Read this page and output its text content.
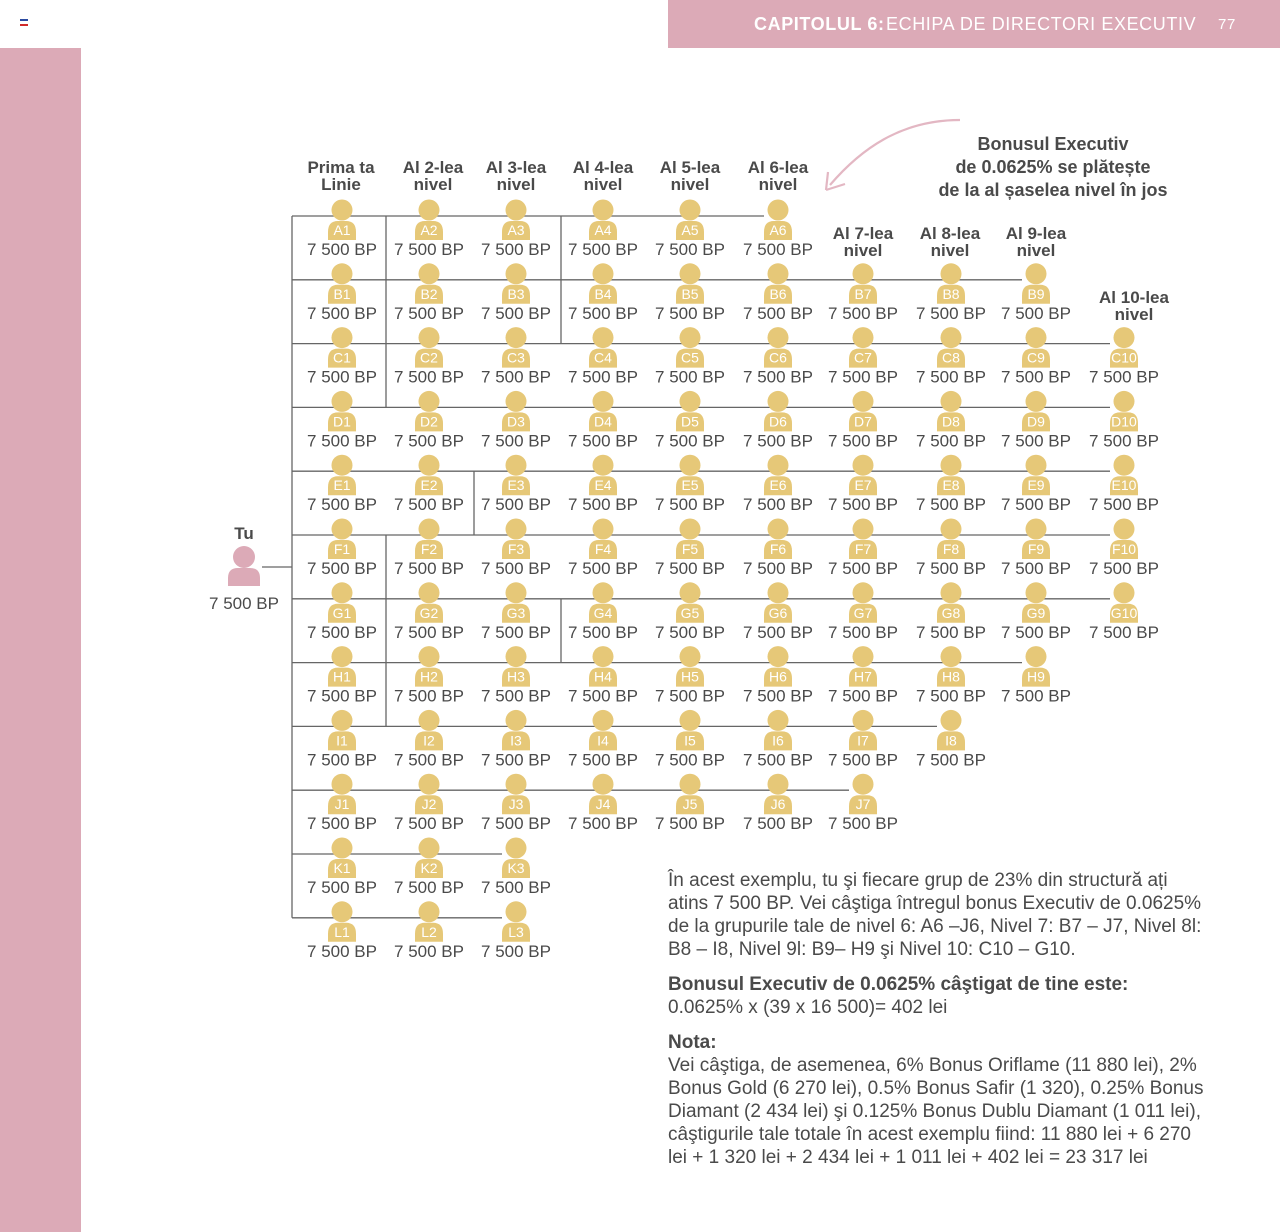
CAPITOLUL 6: ECHIPA DE DIRECTORI EXECUTIV 77
Prima ta
Linie
Al 2-lea
nivel
Al 3-lea
nivel
Al 4-lea
nivel
Al 5-lea
nivel
Al 6-lea
nivel
Al 7-lea
nivel
Al 8-lea
nivel
Al 9-lea
nivel
Al 10-lea
nivel
Bonusul Executiv
de 0.0625% se plătește
de la al șaselea nivel în jos
A1
7 500 BP
A2
7 500 BP
A3
7 500 BP
A4
7 500 BP
A5
7 500 BP
A6
7 500 BP
B1
7 500 BP
B2
7 500 BP
B3
7 500 BP
B4
7 500 BP
B5
7 500 BP
B6
7 500 BP
B7
7 500 BP
B8
7 500 BP
B9
7 500 BP
C1
7 500 BP
C2
7 500 BP
C3
7 500 BP
C4
7 500 BP
C5
7 500 BP
C6
7 500 BP
C7
7 500 BP
C8
7 500 BP
C9
7 500 BP
C10
7 500 BP
D1
7 500 BP
D2
7 500 BP
D3
7 500 BP
D4
7 500 BP
D5
7 500 BP
D6
7 500 BP
D7
7 500 BP
D8
7 500 BP
D9
7 500 BP
D10
7 500 BP
E1
7 500 BP
E2
7 500 BP
E3
7 500 BP
E4
7 500 BP
E5
7 500 BP
E6
7 500 BP
E7
7 500 BP
E8
7 500 BP
E9
7 500 BP
E10
7 500 BP
F1
7 500 BP
F2
7 500 BP
F3
7 500 BP
F4
7 500 BP
F5
7 500 BP
F6
7 500 BP
F7
7 500 BP
F8
7 500 BP
F9
7 500 BP
F10
7 500 BP
G1
7 500 BP
G2
7 500 BP
G3
7 500 BP
G4
7 500 BP
G5
7 500 BP
G6
7 500 BP
G7
7 500 BP
G8
7 500 BP
G9
7 500 BP
G10
7 500 BP
H1
7 500 BP
H2
7 500 BP
H3
7 500 BP
H4
7 500 BP
H5
7 500 BP
H6
7 500 BP
H7
7 500 BP
H8
7 500 BP
H9
7 500 BP
I1
7 500 BP
I2
7 500 BP
I3
7 500 BP
I4
7 500 BP
I5
7 500 BP
I6
7 500 BP
I7
7 500 BP
I8
7 500 BP
J1
7 500 BP
J2
7 500 BP
J3
7 500 BP
J4
7 500 BP
J5
7 500 BP
J6
7 500 BP
J7
7 500 BP
K1
7 500 BP
K2
7 500 BP
K3
7 500 BP
L1
7 500 BP
L2
7 500 BP
L3
7 500 BP
Tu
7 500 BP
În acest exemplu, tu şi fiecare grup de 23% din structură ați atins 7 500 BP. Vei câştiga întregul bonus Executiv de 0.0625% de la grupurile tale de nivel 6: A6 –J6, Nivel 7: B7 – J7, Nivel 8l: B8 – I8, Nivel 9l: B9– H9 şi Nivel 10: C10 – G10.
Bonusul Executiv de 0.0625% câştigat de tine este:
0.0625% x (39 x 16 500)= 402 lei
Nota:
Vei câştiga, de asemenea, 6% Bonus Oriflame (11 880 lei), 2% Bonus Gold (6 270 lei), 0.5% Bonus Safir (1 320), 0.25% Bonus Diamant (2 434 lei) şi 0.125% Bonus Dublu Diamant (1 011 lei), câştigurile tale totale în acest exemplu fiind: 11 880 lei + 6 270 lei + 1 320 lei + 2 434 lei + 1 011 lei + 402 lei = 23 317 lei
